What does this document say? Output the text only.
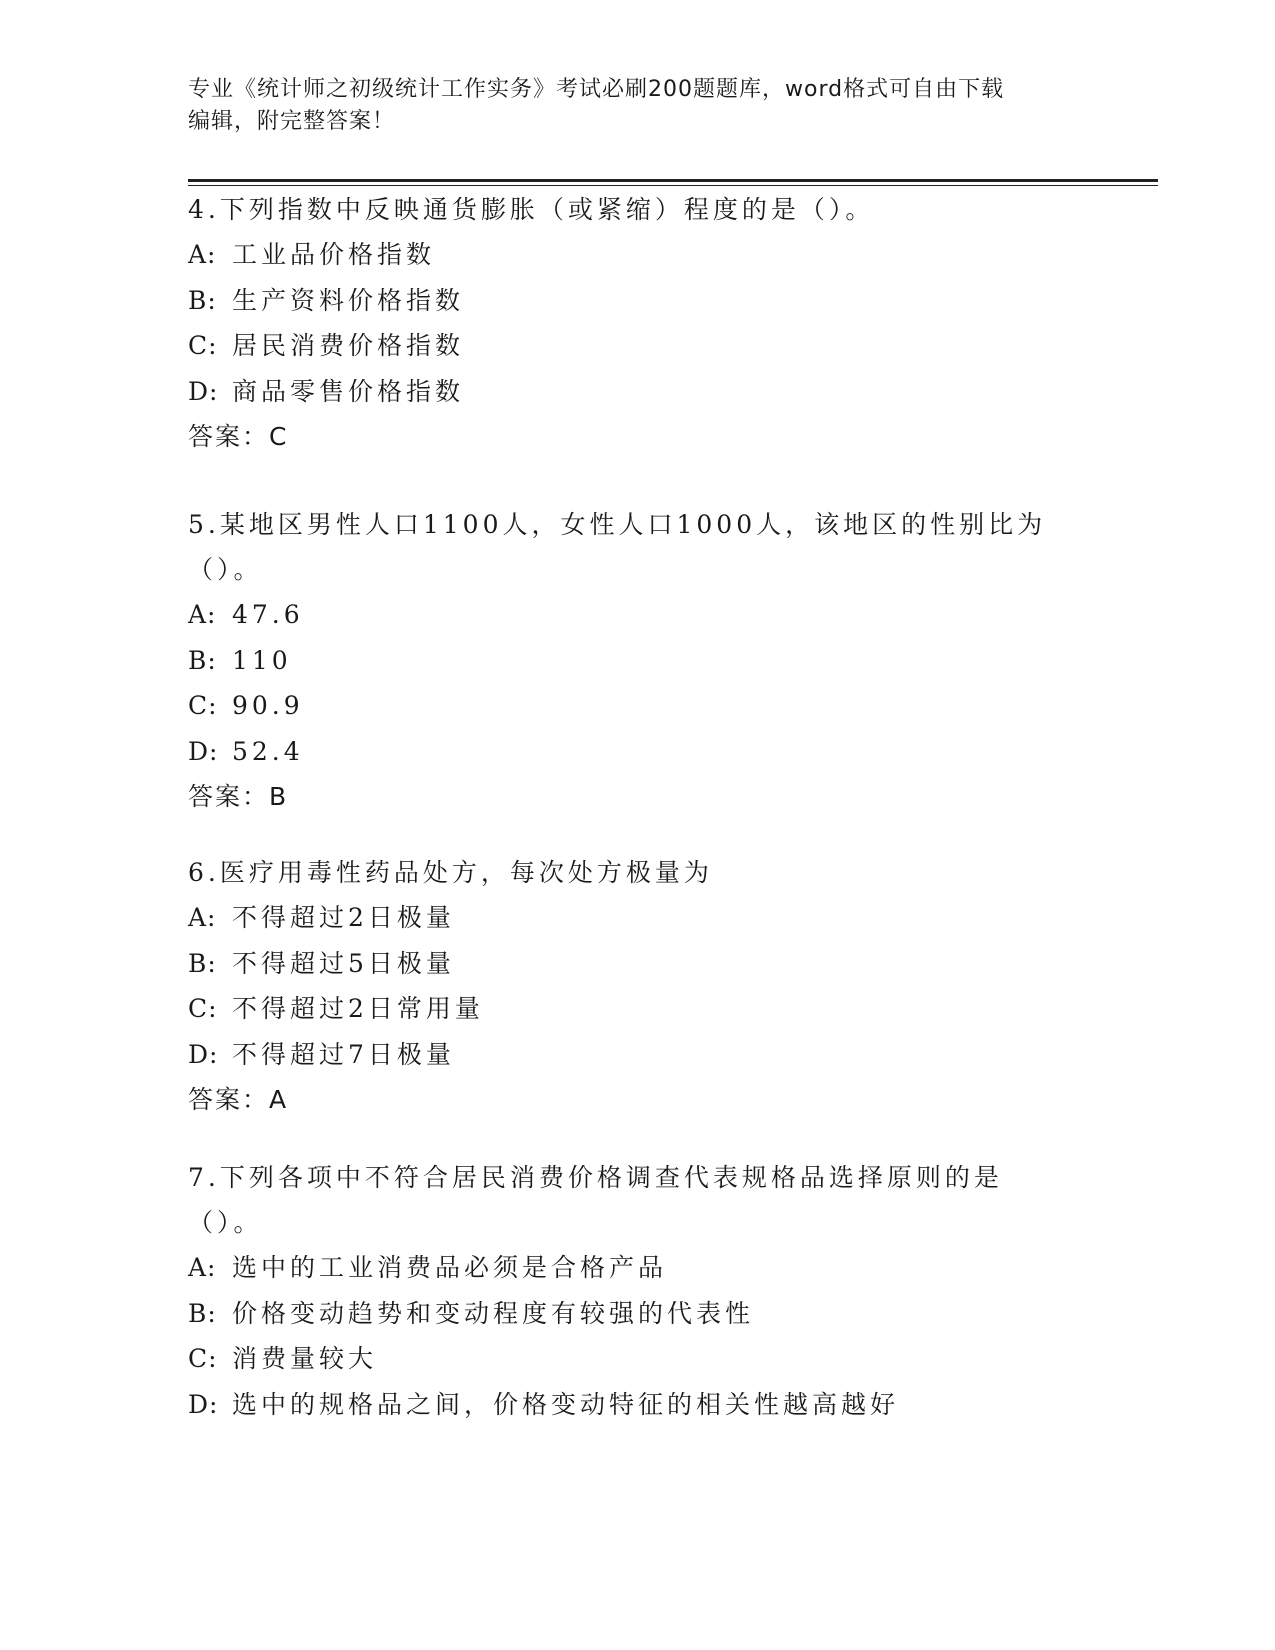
专业《统计师之初级统计工作实务》考试必刷200题题库，word格式可自由下载
编辑，附完整答案！

4.下列指数中反映通货膨胀（或紧缩）程度的是（）。

A: 工业品价格指数
B: 生产资料价格指数
C: 居民消费价格指数
D: 商品零售价格指数

答案：C

5.某地区男性人口1100人，女性人口1000人，该地区的性别比为（）。

A: 47.6
B: 110
C: 90.9
D: 52.4

答案：B

6.医疗用毒性药品处方，每次处方极量为

A: 不得超过2日极量
B: 不得超过5日极量
C: 不得超过2日常用量
D: 不得超过7日极量

答案：A

7.下列各项中不符合居民消费价格调查代表规格品选择原则的是（）。

A: 选中的工业消费品必须是合格产品
B: 价格变动趋势和变动程度有较强的代表性
C: 消费量较大
D: 选中的规格品之间，价格变动特征的相关性越高越好
